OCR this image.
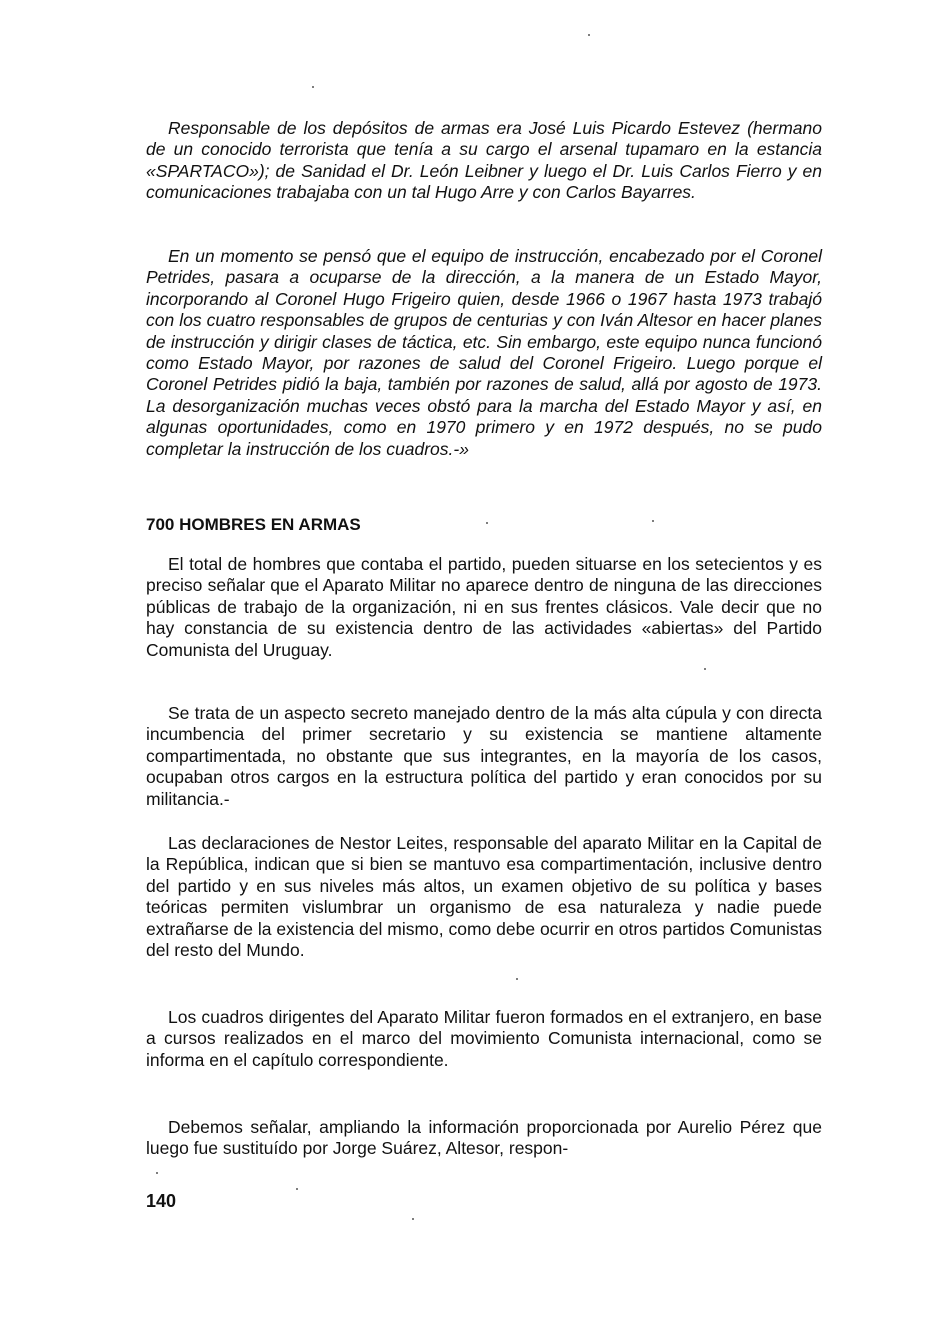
Responsable de los depósitos de armas era José Luis Picardo Estevez (hermano de un conocido terrorista que tenía a su cargo el arsenal tupamaro en la estancia «SPARTACO»); de Sanidad el Dr. León Leibner y luego el Dr. Luis Carlos Fierro y en comunicaciones trabajaba con un tal Hugo Arre y con Carlos Bayarres.

En un momento se pensó que el equipo de instrucción, encabezado por el Coronel Petrides, pasara a ocuparse de la dirección, a la manera de un Estado Mayor, incorporando al Coronel Hugo Frigeiro quien, desde 1966 o 1967 hasta 1973 trabajó con los cuatro responsables de grupos de centurias y con Iván Altesor en hacer planes de instrucción y dirigir clases de táctica, etc. Sin embargo, este equipo nunca funcionó como Estado Mayor, por razones de salud del Coronel Frigeiro. Luego porque el Coronel Petrides pidió la baja, también por razones de salud, allá por agosto de 1973. La desorganización muchas veces obstó para la marcha del Estado Mayor y así, en algunas oportunidades, como en 1970 primero y en 1972 después, no se pudo completar la instrucción de los cuadros.-»

700 HOMBRES EN ARMAS

El total de hombres que contaba el partido, pueden situarse en los setecientos y es preciso señalar que el Aparato Militar no aparece dentro de ninguna de las direcciones públicas de trabajo de la organización, ni en sus frentes clásicos. Vale decir que no hay constancia de su existencia dentro de las actividades «abiertas» del Partido Comunista del Uruguay.

Se trata de un aspecto secreto manejado dentro de la más alta cúpula y con directa incumbencia del primer secretario y su existencia se mantiene altamente compartimentada, no obstante que sus integrantes, en la mayoría de los casos, ocupaban otros cargos en la estructura política del partido y eran conocidos por su militancia.-

Las declaraciones de Nestor Leites, responsable del aparato Militar en la Capital de la República, indican que si bien se mantuvo esa compartimentación, inclusive dentro del partido y en sus niveles más altos, un examen objetivo de su política y bases teóricas permiten vislumbrar un organismo de esa naturaleza y nadie puede extrañarse de la existencia del mismo, como debe ocurrir en otros partidos Comunistas del resto del Mundo.

Los cuadros dirigentes del Aparato Militar fueron formados en el extranjero, en base a cursos realizados en el marco del movimiento Comunista internacional, como se informa en el capítulo correspondiente.

Debemos señalar, ampliando la información proporcionada por Aurelio Pérez que luego fue sustituído por Jorge Suárez, Altesor, respon-

140
